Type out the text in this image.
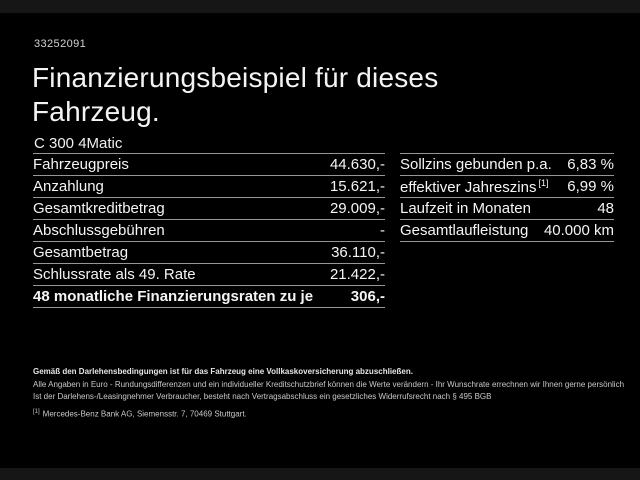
33252091
Finanzierungsbeispiel für dieses
Fahrzeug.
C 300 4Matic
Fahrzeugpreis	44.630,-
Anzahlung	15.621,-
Gesamtkreditbetrag	29.009,-
Abschlussgebühren	-
Gesamtbetrag	36.110,-
Schlussrate als 49. Rate	21.422,-
48 monatliche Finanzierungsraten zu je	306,-
Sollzins gebunden p.a. 6,83 %
effektiver Jahreszins [1] 6,99 %
Laufzeit in Monaten	48
Gesamtlaufleistung 40.000 km
Gemäß den Darlehensbedingungen ist für das Fahrzeug eine Vollkaskoversicherung abzuschließen.
Alle Angaben in Euro - Rundungsdifferenzen und ein individueller Kreditschutzbrief können die Werte verändern - Ihr Wunschrate errechnen wir Ihnen gerne persönlich
Ist der Darlehens-/Leasingnehmer Verbraucher, besteht nach Vertragsabschluss ein gesetzliches Widerrufsrecht nach § 495 BGB
[1] Mercedes-Benz Bank AG, Siemensstr. 7, 70469 Stuttgart.
